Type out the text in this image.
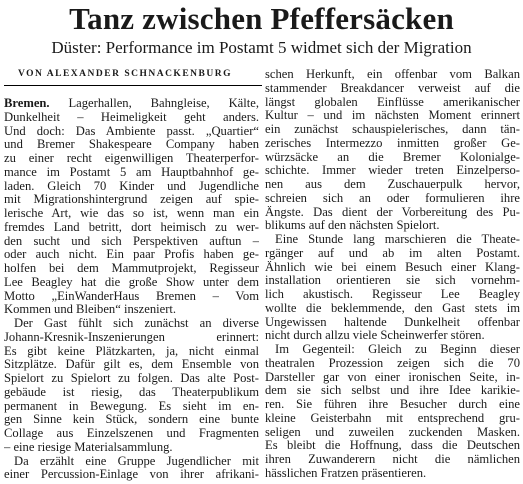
Tanz zwischen Pfeffersäcken
Düster: Performance im Postamt 5 widmet sich der Migration
VON ALEXANDER SCHNACKENBURG
Bremen. Lagerhallen, Bahngleise, Kälte,
Dunkelheit – Heimeligkeit geht anders.
Und doch: Das Ambiente passt. „Quartier“
und Bremer Shakespeare Company haben
zu einer recht eigenwilligen Theaterperfor-
mance im Postamt 5 am Hauptbahnhof ge-
laden. Gleich 70 Kinder und Jugendliche
mit Migrationshintergrund zeigen auf spie-
lerische Art, wie das so ist, wenn man ein
fremdes Land betritt, dort heimisch zu wer-
den sucht und sich Perspektiven auftun –
oder auch nicht. Ein paar Profis haben ge-
holfen bei dem Mammutprojekt, Regisseur
Lee Beagley hat die große Show unter dem
Motto „EinWanderHaus Bremen – Vom
Kommen und Bleiben“ inszeniert.
Der Gast fühlt sich zunächst an diverse
Johann-Kresnik-Inszenierungen erinnert:
Es gibt keine Plätzkarten, ja, nicht einmal
Sitzplätze. Dafür gilt es, dem Ensemble von
Spielort zu Spielort zu folgen. Das alte Post-
gebäude ist riesig, das Theaterpublikum
permanent in Bewegung. Es sieht im en-
gen Sinne kein Stück, sondern eine bunte
Collage aus Einzelszenen und Fragmenten
– eine riesige Materialsammlung.
Da erzählt eine Gruppe Jugendlicher mit
einer Percussion-Einlage von ihrer afrikani-
schen Herkunft, ein offenbar vom Balkan
stammender Breakdancer verweist auf die
längst globalen Einflüsse amerikanischer
Kultur – und im nächsten Moment erinnert
ein zunächst schauspielerisches, dann tän-
zerisches Intermezzo inmitten großer Ge-
würzsäcke an die Bremer Kolonialge-
schichte. Immer wieder treten Einzelperso-
nen aus dem Zuschauerpulk hervor,
schreien sich an oder formulieren ihre
Ängste. Das dient der Vorbereitung des Pu-
blikums auf den nächsten Spielort.
Eine Stunde lang marschieren die Theate-
rgänger auf und ab im alten Postamt.
Ähnlich wie bei einem Besuch einer Klang-
installation orientieren sie sich vornehm-
lich akustisch. Regisseur Lee Beagley
wollte die beklemmende, den Gast stets im
Ungewissen haltende Dunkelheit offenbar
nicht durch allzu viele Scheinwerfer stören.
Im Gegenteil: Gleich zu Beginn dieser
theatralen Prozession zeigen sich die 70
Darsteller gar von einer ironischen Seite, in-
dem sie sich selbst und ihre Idee karikie-
ren. Sie führen ihre Besucher durch eine
kleine Geisterbahn mit entsprechend gru-
seligen und zuweilen zuckenden Masken.
Es bleibt die Hoffnung, dass die Deutschen
ihren Zuwanderern nicht die nämlichen
hässlichen Fratzen präsentieren.
